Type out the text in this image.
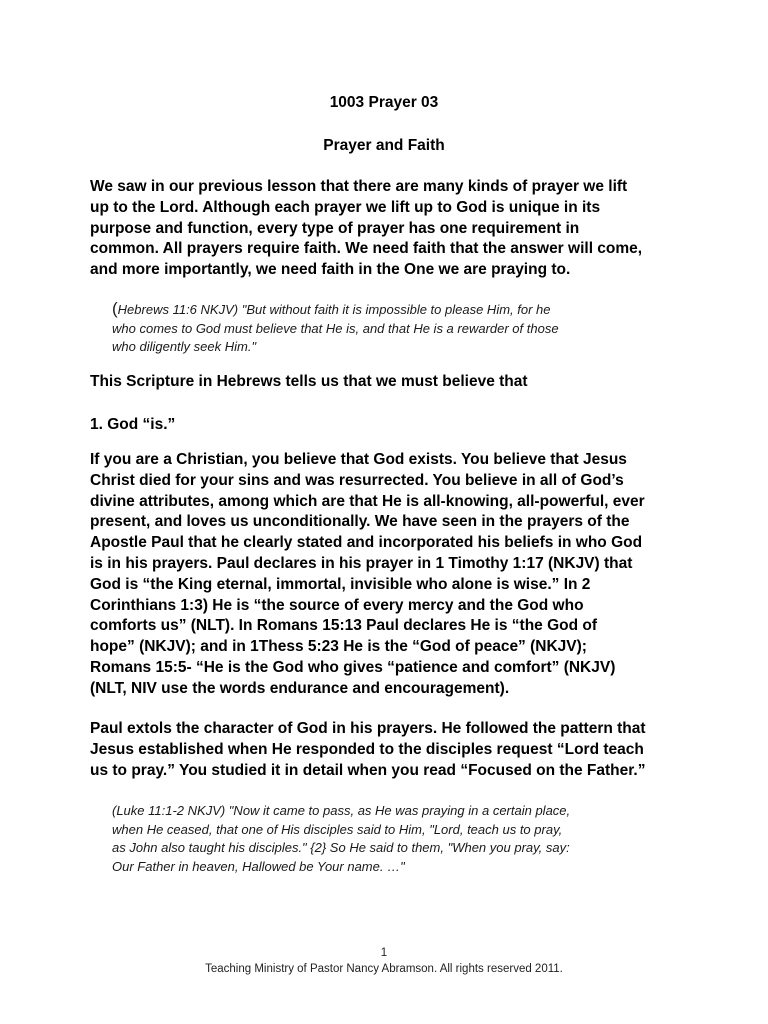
1003 Prayer 03
Prayer and Faith

We saw in our previous lesson that there are many kinds of prayer we lift
up to the Lord. Although each prayer we lift up to God is unique in its
purpose and function, every type of prayer has one requirement in
common. All prayers require faith. We need faith that the answer will come,
and more importantly, we need faith in the One we are praying to.

(Hebrews 11:6 NKJV) "But without faith it is impossible to please Him, for he
who comes to God must believe that He is, and that He is a rewarder of those
who diligently seek Him."

This Scripture in Hebrews tells us that we must believe that

1. God “is.”

If you are a Christian, you believe that God exists. You believe that Jesus
Christ died for your sins and was resurrected. You believe in all of God’s
divine attributes, among which are that He is all-knowing, all-powerful, ever
present, and loves us unconditionally. We have seen in the prayers of the
Apostle Paul that he clearly stated and incorporated his beliefs in who God
is in his prayers. Paul declares in his prayer in 1 Timothy 1:17 (NKJV) that
God is “the King eternal, immortal, invisible who alone is wise.” In 2
Corinthians 1:3) He is “the source of every mercy and the God who
comforts us” (NLT). In Romans 15:13 Paul declares He is “the God of
hope” (NKJV); and in 1Thess 5:23 He is the “God of peace” (NKJV);
Romans 15:5- “He is the God who gives “patience and comfort” (NKJV)
(NLT, NIV use the words endurance and encouragement).

Paul extols the character of God in his prayers. He followed the pattern that
Jesus established when He responded to the disciples request “Lord teach
us to pray.” You studied it in detail when you read “Focused on the Father.”

(Luke 11:1-2 NKJV) "Now it came to pass, as He was praying in a certain place,
when He ceased, that one of His disciples said to Him, "Lord, teach us to pray,
as John also taught his disciples." {2} So He said to them, "When you pray, say:
Our Father in heaven, Hallowed be Your name. …"

1
Teaching Ministry of Pastor Nancy Abramson. All rights reserved 2011.
